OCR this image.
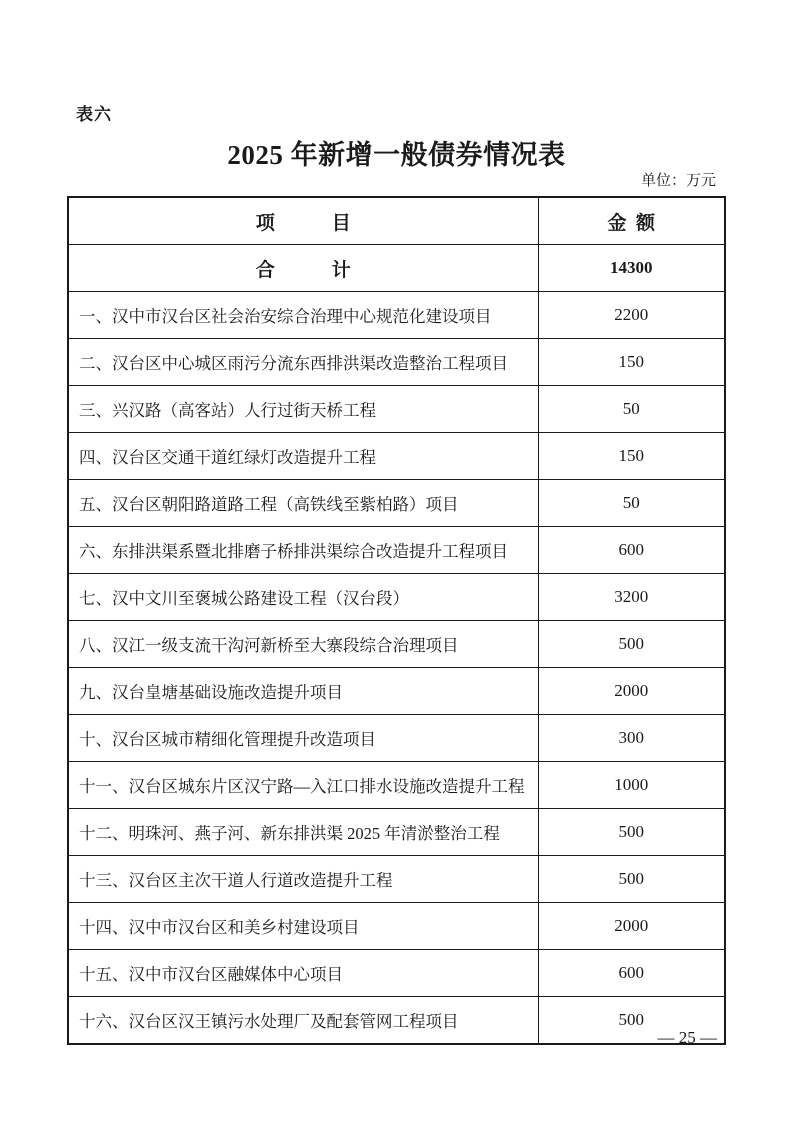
表六
2025 年新增一般债券情况表
单位：万元
项　　　目	金 额
合　　　计	14300
一、汉中市汉台区社会治安综合治理中心规范化建设项目	2200
二、汉台区中心城区雨污分流东西排洪渠改造整治工程项目	150
三、兴汉路（高客站）人行过街天桥工程	50
四、汉台区交通干道红绿灯改造提升工程	150
五、汉台区朝阳路道路工程（高铁线至紫柏路）项目	50
六、东排洪渠系暨北排磨子桥排洪渠综合改造提升工程项目	600
七、汉中文川至褒城公路建设工程（汉台段）	3200
八、汉江一级支流干沟河新桥至大寨段综合治理项目	500
九、汉台皇塘基础设施改造提升项目	2000
十、汉台区城市精细化管理提升改造项目	300
十一、汉台区城东片区汉宁路—入江口排水设施改造提升工程	1000
十二、明珠河、燕子河、新东排洪渠 2025 年清淤整治工程	500
十三、汉台区主次干道人行道改造提升工程	500
十四、汉中市汉台区和美乡村建设项目	2000
十五、汉中市汉台区融媒体中心项目	600
十六、汉台区汉王镇污水处理厂及配套管网工程项目	500
— 25 —
